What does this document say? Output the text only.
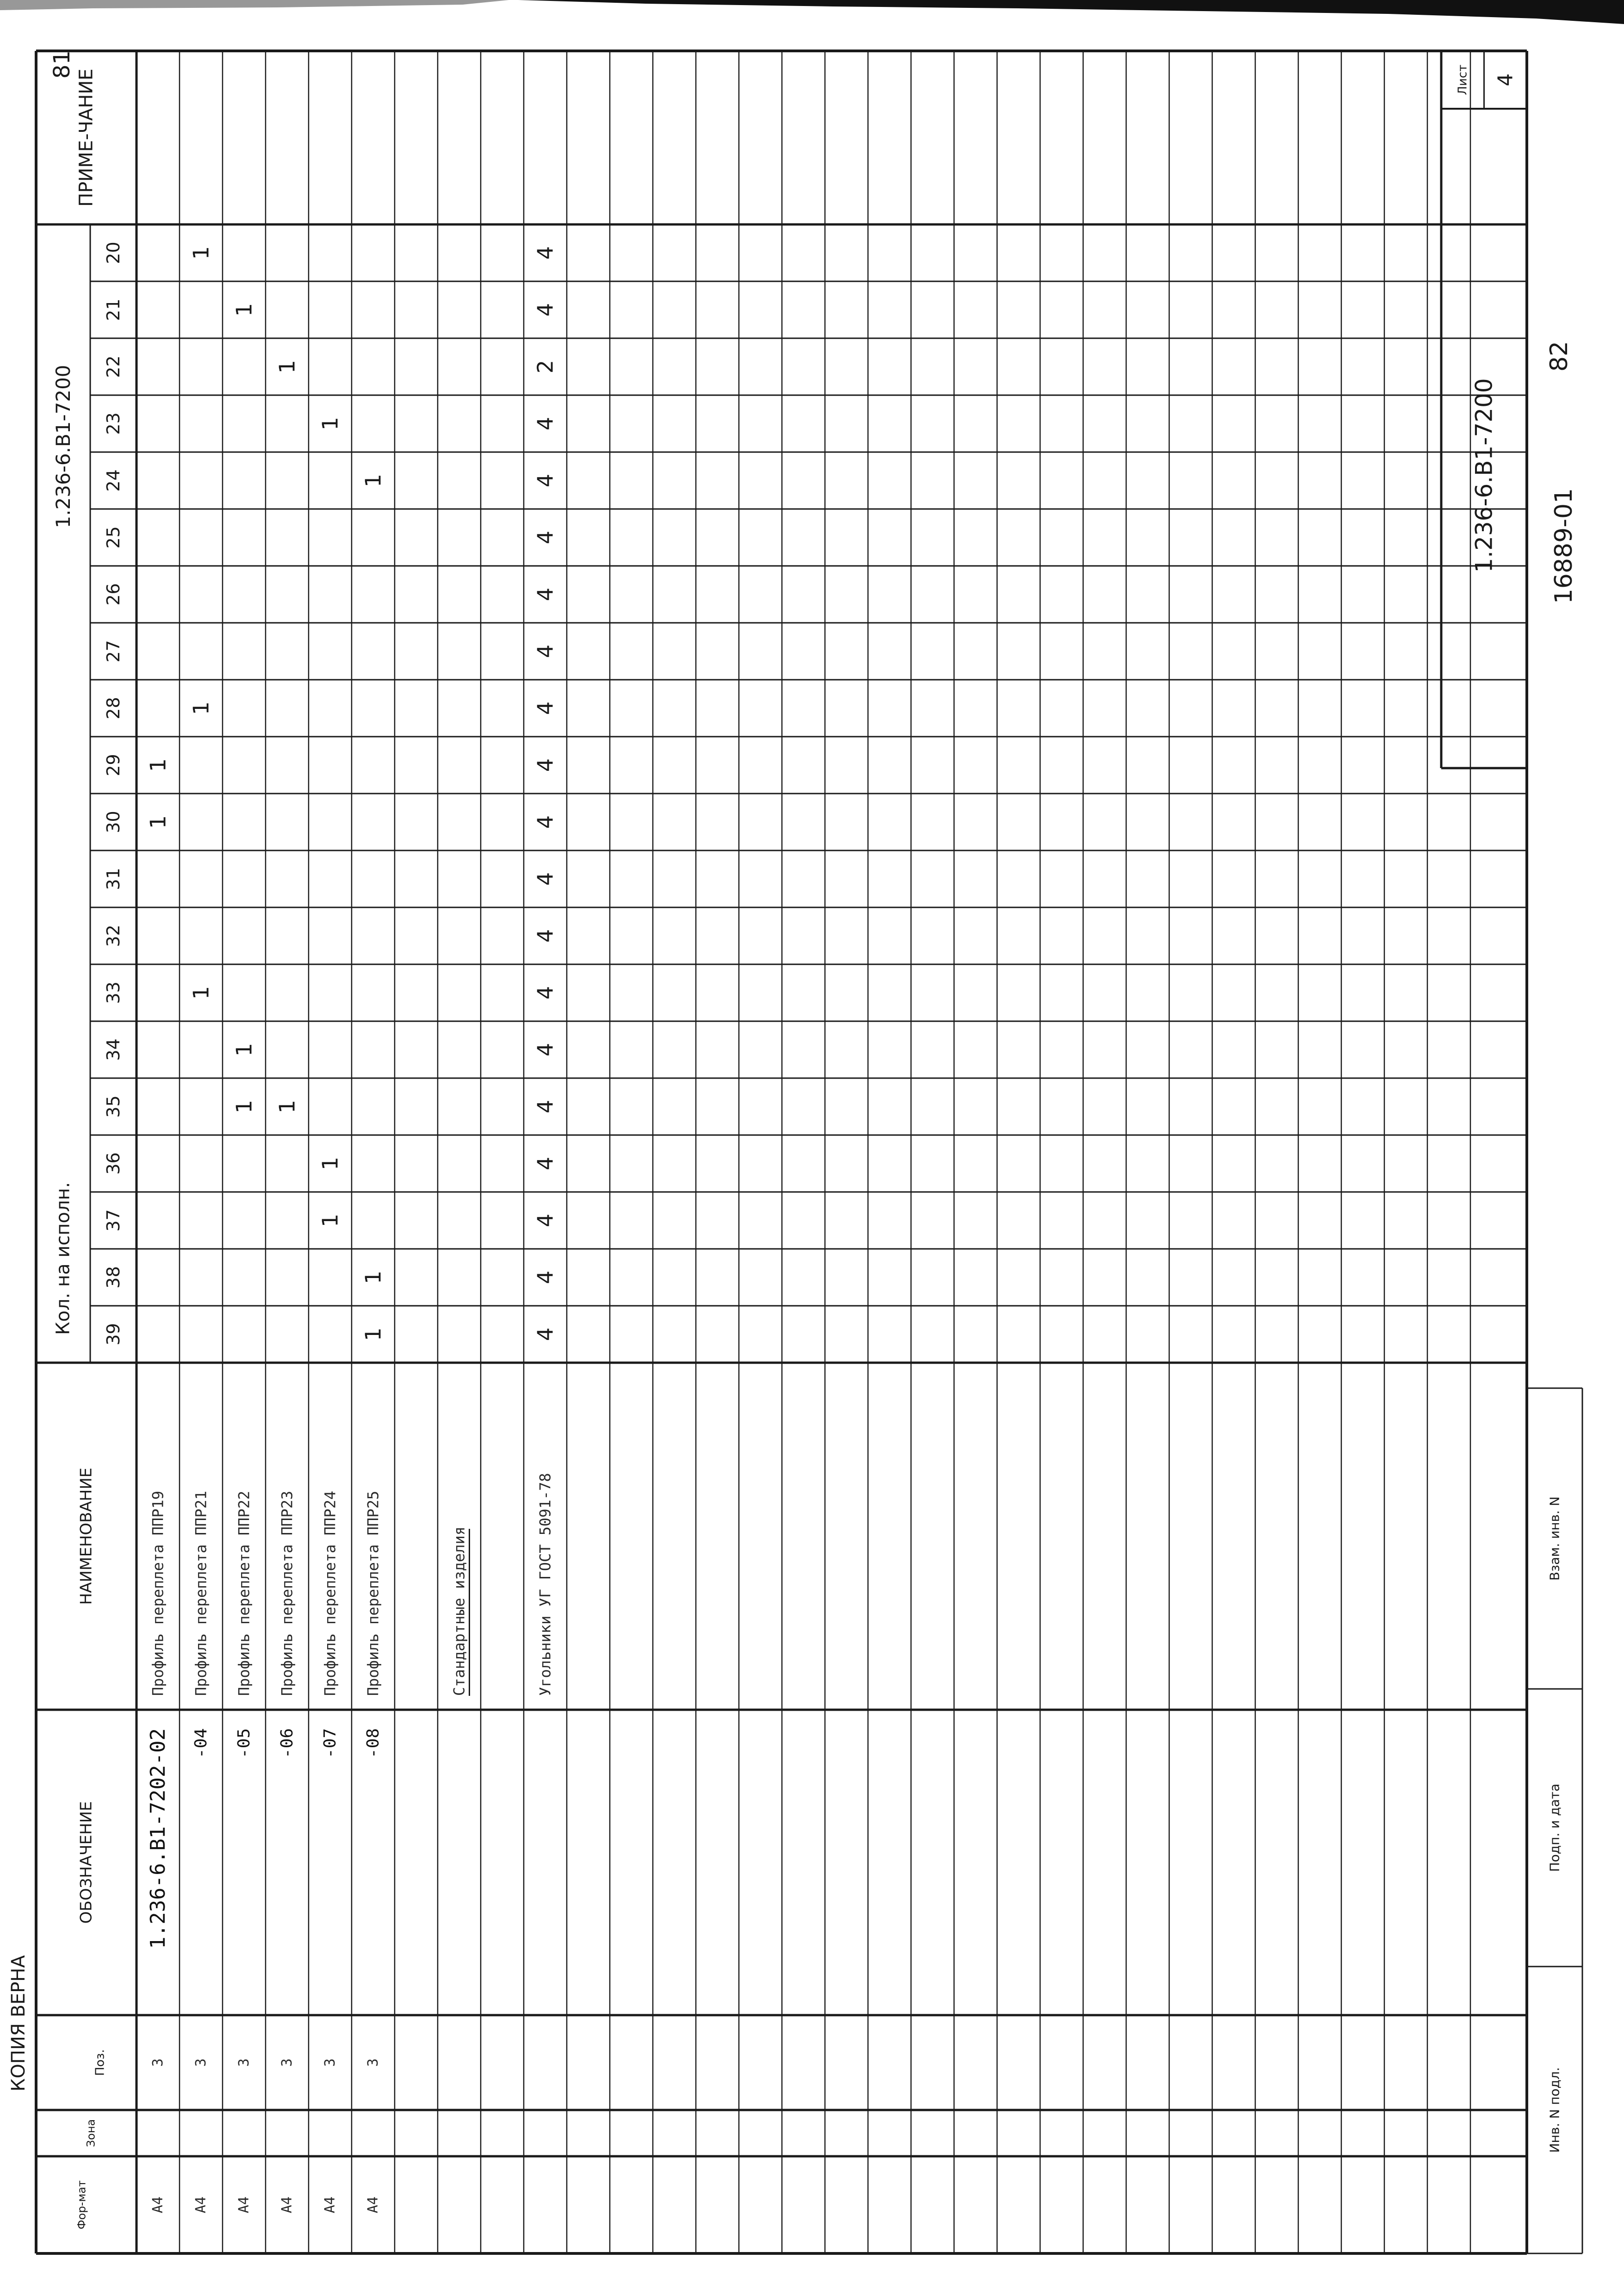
ОБОЗНАЧЕНИЕ
НАИМЕНОВАНИЕ
Кол. на исполн.
1.236-6.В1-7200
ПРИМЕ-ЧАНИЕ
Фор-мат
Зона
Поз.
КОПИЯ ВЕРНА
81
20
21
22
23
24
25
26
27
28
29
30
31
32
33
34
35
36
37
38
39
А4
3
1.236-6.В1-7202-02
Профиль переплета ППР19
1
1
А4
3
-04
Профиль переплета ППР21
1
1
1
А4
3
-05
Профиль переплета ППР22
1
1
1
А4
3
-06
Профиль переплета ППР23
1
1
А4
3
-07
Профиль переплета ППР24
1
1
1
А4
3
-08
Профиль переплета ППР25
1
1
1
Стандартные изделия	Угольники УГ ГОСТ 5091-78
4
4
2
4
4
4
4
4
4
4
4
4
4
4
4
4
4
4
4
4
Лист 4
1.236-6.В1-7200 16889-01
82
Взам. инв. N
Подп. и дата
Инв. N подл.
